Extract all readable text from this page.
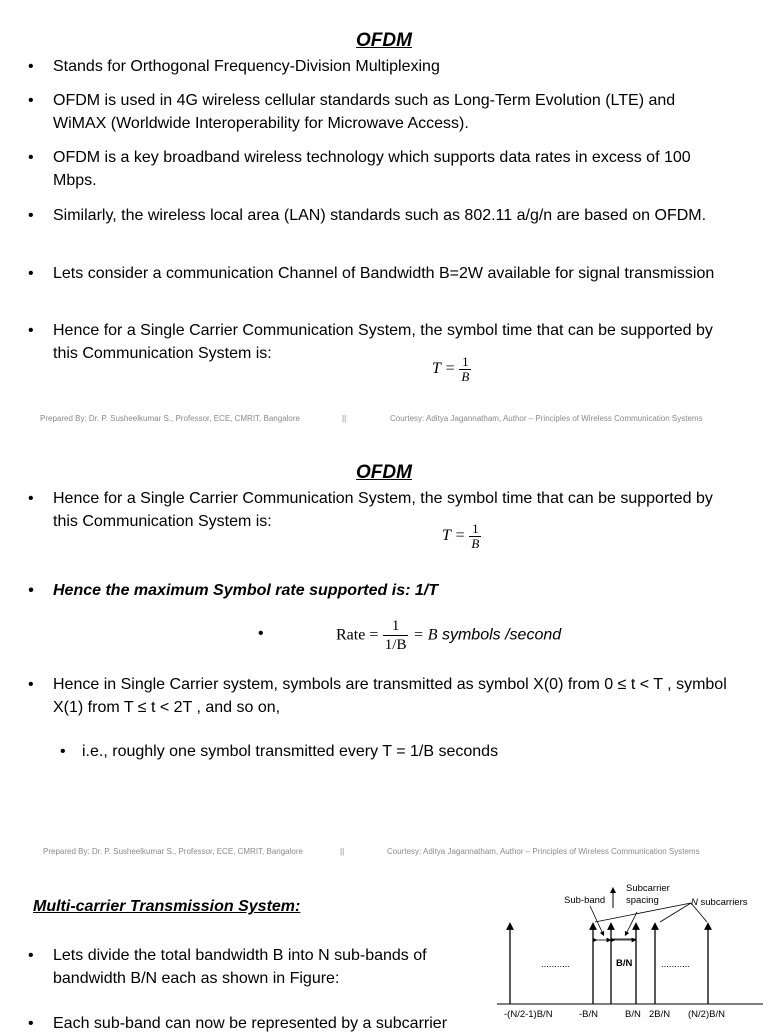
OFDM
• Stands for Orthogonal Frequency-Division Multiplexing
• OFDM is used in 4G wireless cellular standards such as Long-Term Evolution (LTE) and WiMAX (Worldwide Interoperability for Microwave Access).
• OFDM is a key broadband wireless technology which supports data rates in excess of 100 Mbps.
• Similarly, the wireless local area (LAN) standards such as 802.11 a/g/n are based on OFDM.
• Lets consider a communication Channel of Bandwidth B=2W available for signal transmission
• Hence for a Single Carrier Communication System, the symbol time that can be supported by this Communication System is:
$T = \frac{1}{B}$
Prepared By: Dr. P. Susheelkumar S., Professor, ECE, CMRIT, Bangalore	||	Courtesy: Aditya Jagannatham, Author – Principles of Wireless Communication Systems
OFDM
• Hence for a Single Carrier Communication System, the symbol time that can be supported by this Communication System is:
$T = \frac{1}{B}$
• Hence the maximum Symbol rate supported is: 1/T
•	Rate = $\frac{1}{1/B} = B$ symbols /second
• Hence in Single Carrier system, symbols are transmitted as symbol X(0) from 0 ≤ t < T , symbol X(1) from T ≤ t < 2T , and so on,
• i.e., roughly one symbol transmitted every T = 1/B seconds
Prepared By: Dr. P. Susheelkumar S., Professor, ECE, CMRIT, Bangalore	||	Courtesy: Aditya Jagannatham, Author – Principles of Wireless Communication Systems
Multi-carrier Transmission System:
• Lets divide the total bandwidth B into N sub-bands of bandwidth B/N each as shown in Figure:
• Each sub-band can now be represented by a subcarrier
Sub-band
Subcarrier
spacing	N subcarriers
B/N
...........	...........
-(N/2-1)B/N	-B/N	B/N 2B/N (N/2)B/N
